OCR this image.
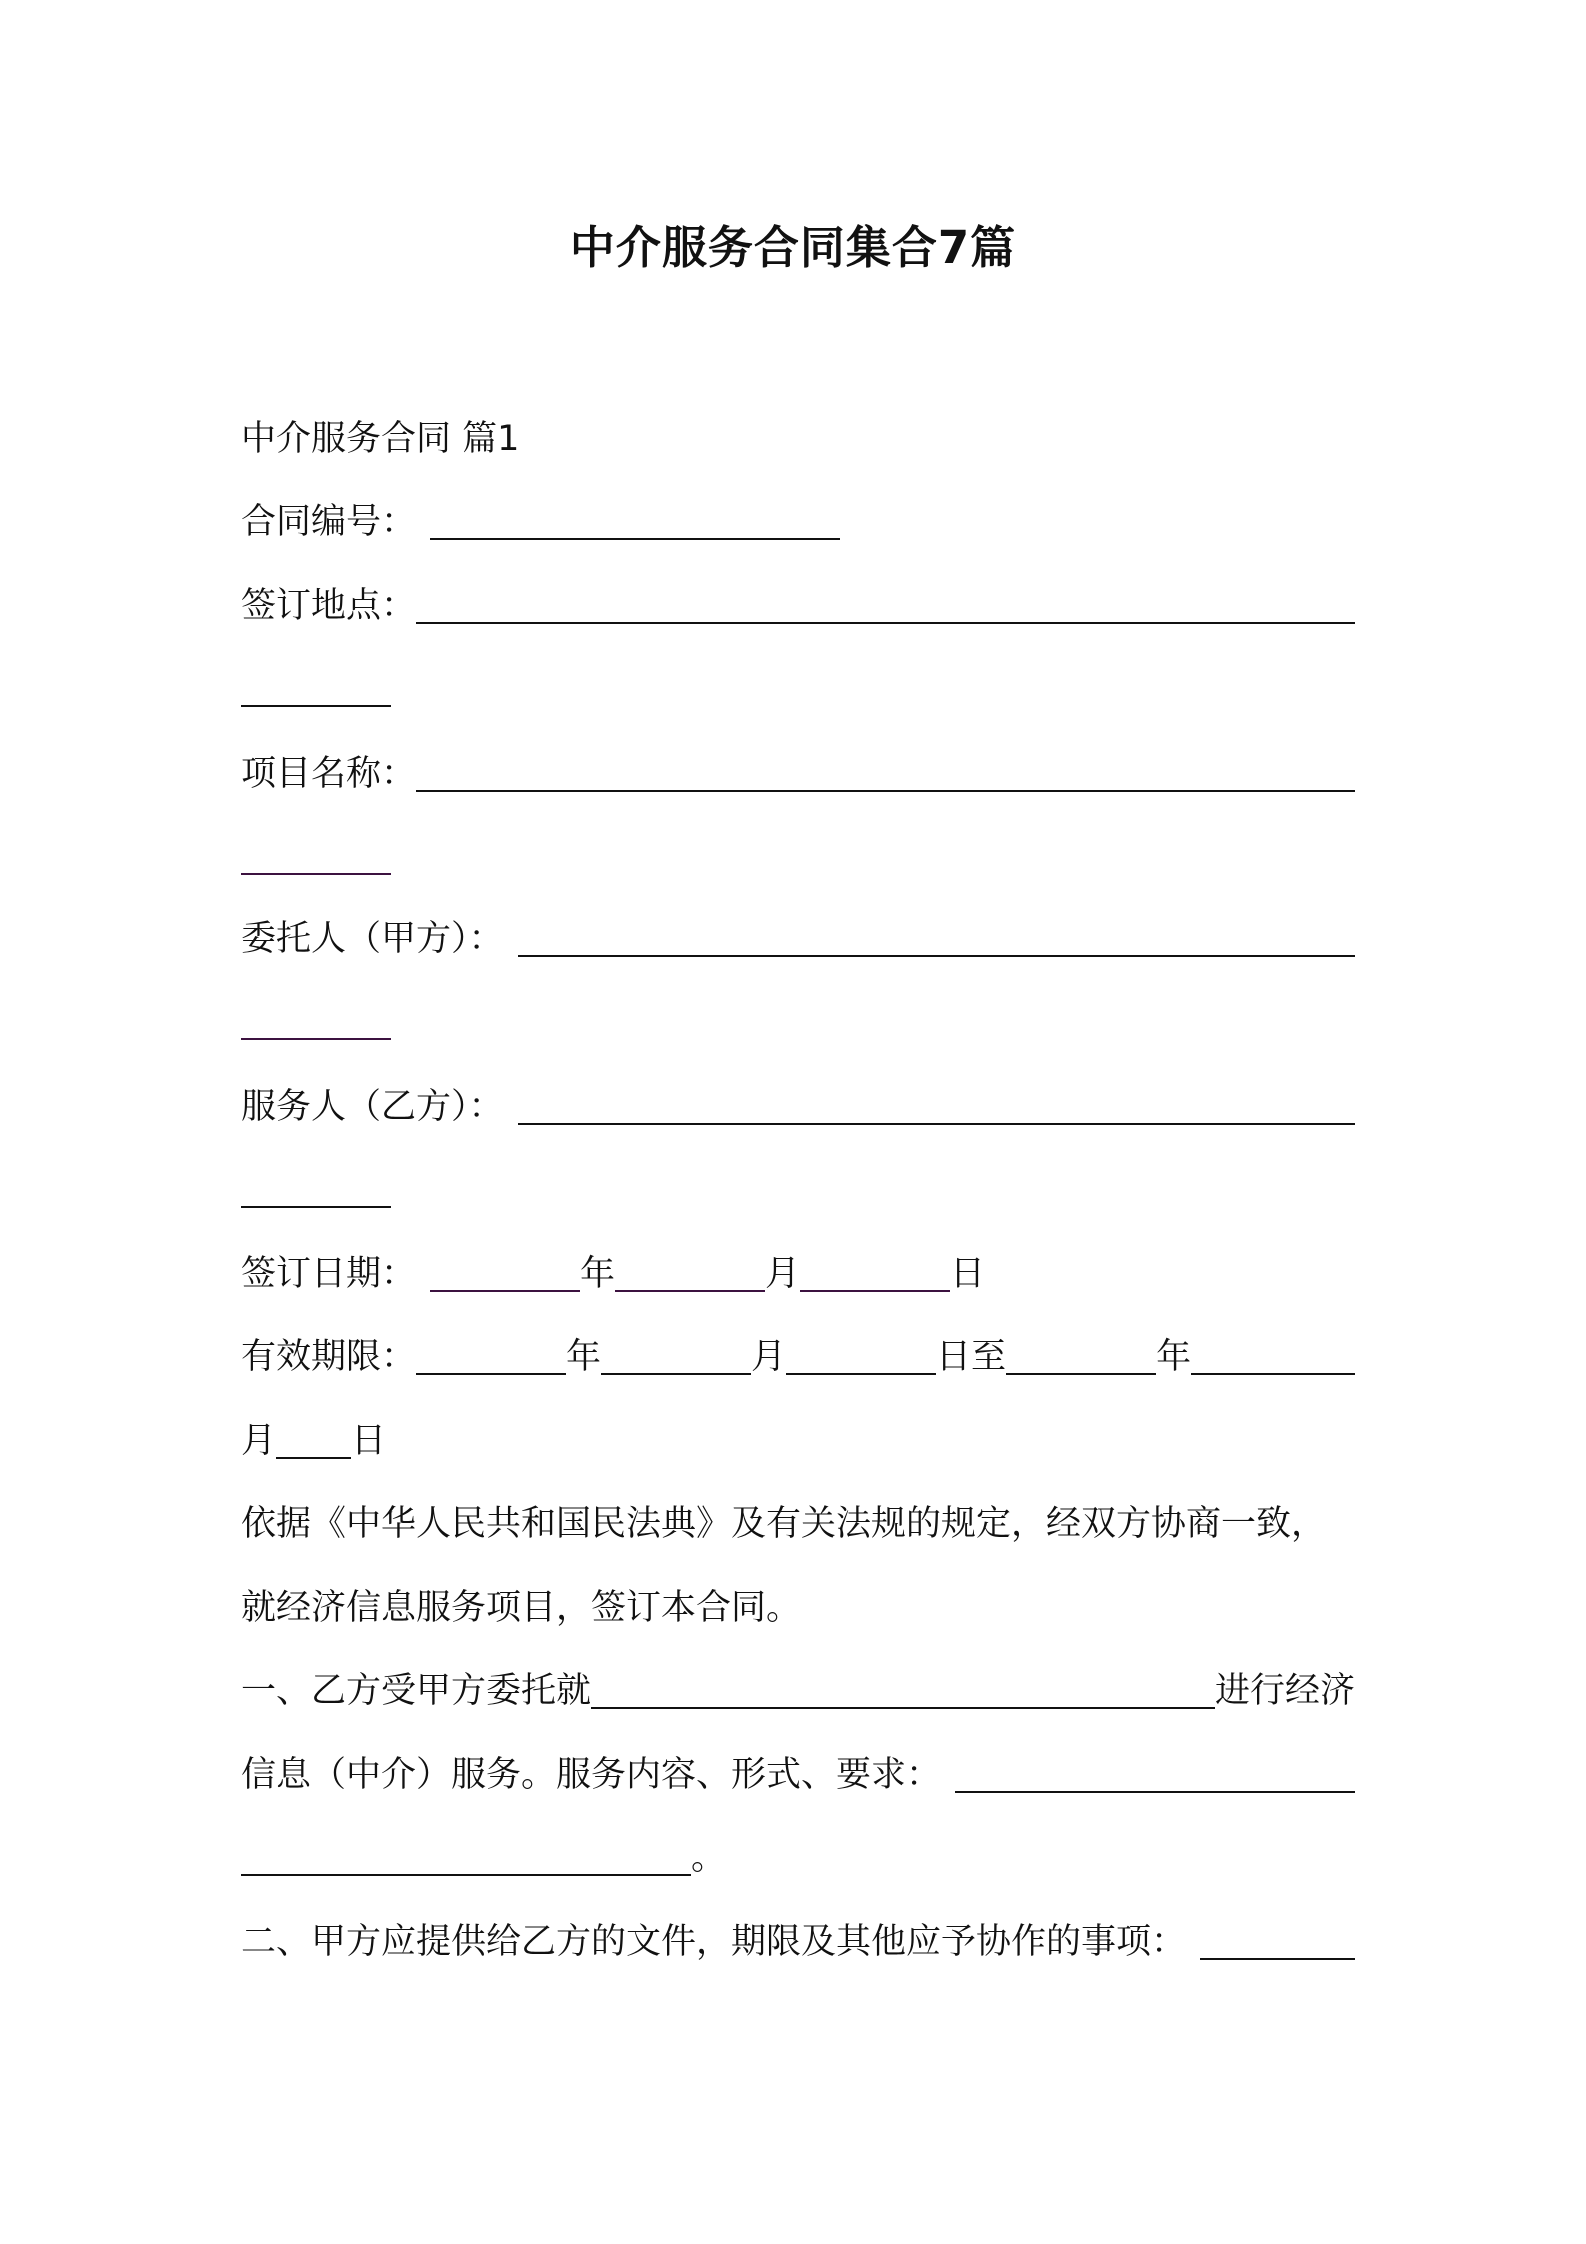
中介服务合同集合7篇
中介服务合同 篇1
合同编号：
签订地点：
项目名称：
委托人（甲方）：
服务人（乙方）：
签订日期：	年	月	日
有效期限：	年	月	日至	年
月 日
依据《中华人民共和国民法典》及有关法规的规定，经双方协商一致，
就经济信息服务项目，签订本合同。
一、乙方受甲方委托就	进行经济
信息（中介）服务。服务内容、形式、要求：
。
二、甲方应提供给乙方的文件，期限及其他应予协作的事项：
